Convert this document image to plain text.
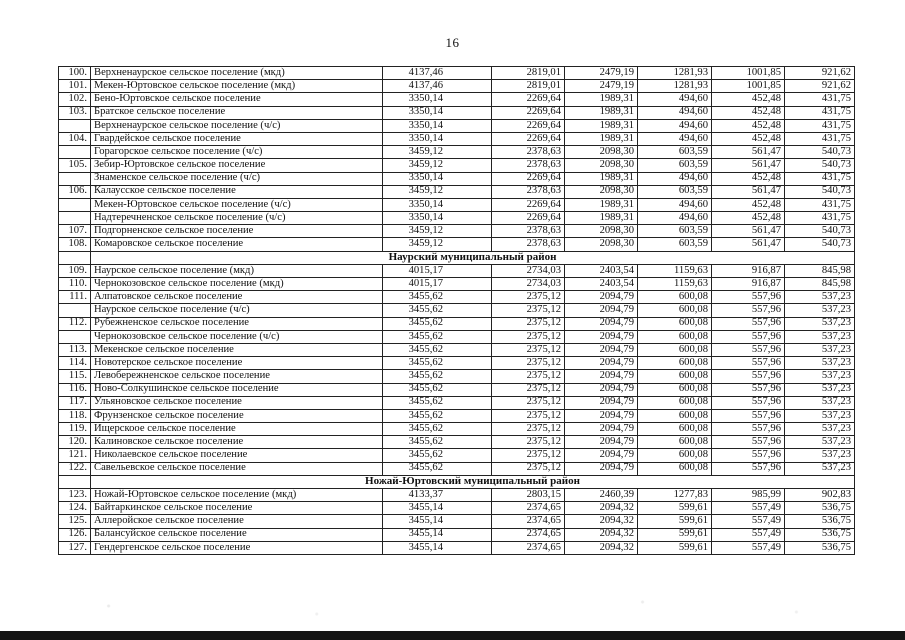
16
100.	Верхненаурское сельское поселение (мкд)	4137,46	2819,01	2479,19	1281,93	1001,85	921,62
101.	Мекен-Юртовское сельское поселение (мкд)	4137,46	2819,01	2479,19	1281,93	1001,85	921,62
102.	Бено-Юртовское сельское поселение	3350,14	2269,64	1989,31	494,60	452,48	431,75
103.	Братское сельское поселение	3350,14	2269,64	1989,31	494,60	452,48	431,75
	Верхненаурское сельское поселение (ч/с)	3350,14	2269,64	1989,31	494,60	452,48	431,75
104.	Гвардейское сельское поселение	3350,14	2269,64	1989,31	494,60	452,48	431,75
	Горагорское сельское поселение (ч/с)	3459,12	2378,63	2098,30	603,59	561,47	540,73
105.	Зебир-Юртовское сельское поселение	3459,12	2378,63	2098,30	603,59	561,47	540,73
	Знаменское сельское поселение (ч/с)	3350,14	2269,64	1989,31	494,60	452,48	431,75
106.	Калаусское сельское поселение	3459,12	2378,63	2098,30	603,59	561,47	540,73
	Мекен-Юртовское сельское поселение (ч/с)	3350,14	2269,64	1989,31	494,60	452,48	431,75
	Надтеречненское сельское поселение (ч/с)	3350,14	2269,64	1989,31	494,60	452,48	431,75
107.	Подгорненское сельское поселение	3459,12	2378,63	2098,30	603,59	561,47	540,73
108.	Комаровское сельское поселение	3459,12	2378,63	2098,30	603,59	561,47	540,73
	Наурский муниципальный район						
109.	Наурское сельское поселение (мкд)	4015,17	2734,03	2403,54	1159,63	916,87	845,98
110.	Чернокозовское сельское поселение (мкд)	4015,17	2734,03	2403,54	1159,63	916,87	845,98
111.	Алпатовское сельское поселение	3455,62	2375,12	2094,79	600,08	557,96	537,23
	Наурское сельское поселение (ч/с)	3455,62	2375,12	2094,79	600,08	557,96	537,23
112.	Рубежненское сельское поселение	3455,62	2375,12	2094,79	600,08	557,96	537,23
	Чернокозовское сельское поселение (ч/с)	3455,62	2375,12	2094,79	600,08	557,96	537,23
113.	Мекенское сельское поселение	3455,62	2375,12	2094,79	600,08	557,96	537,23
114.	Новотерское сельское поселение	3455,62	2375,12	2094,79	600,08	557,96	537,23
115.	Левобережненское сельское поселение	3455,62	2375,12	2094,79	600,08	557,96	537,23
116.	Ново-Солкушинское сельское поселение	3455,62	2375,12	2094,79	600,08	557,96	537,23
117.	Ульяновское сельское поселение	3455,62	2375,12	2094,79	600,08	557,96	537,23
118.	Фрунзенское сельское поселение	3455,62	2375,12	2094,79	600,08	557,96	537,23
119.	Ищерскоое сельское поселение	3455,62	2375,12	2094,79	600,08	557,96	537,23
120.	Калиновское сельское поселение	3455,62	2375,12	2094,79	600,08	557,96	537,23
121.	Николаевское сельское поселение	3455,62	2375,12	2094,79	600,08	557,96	537,23
122.	Савельевское сельское поселение	3455,62	2375,12	2094,79	600,08	557,96	537,23
	Ножай-Юртовский муниципальный район						
123.	Ножай-Юртовское сельское поселение (мкд)	4133,37	2803,15	2460,39	1277,83	985,99	902,83
124.	Байтаркинское сельское поселение	3455,14	2374,65	2094,32	599,61	557,49	536,75
125.	Аллеройское сельское поселение	3455,14	2374,65	2094,32	599,61	557,49	536,75
126.	Балансуйское сельское поселение	3455,14	2374,65	2094,32	599,61	557,49	536,75
127.	Гендергенское сельское поселение	3455,14	2374,65	2094,32	599,61	557,49	536,75
